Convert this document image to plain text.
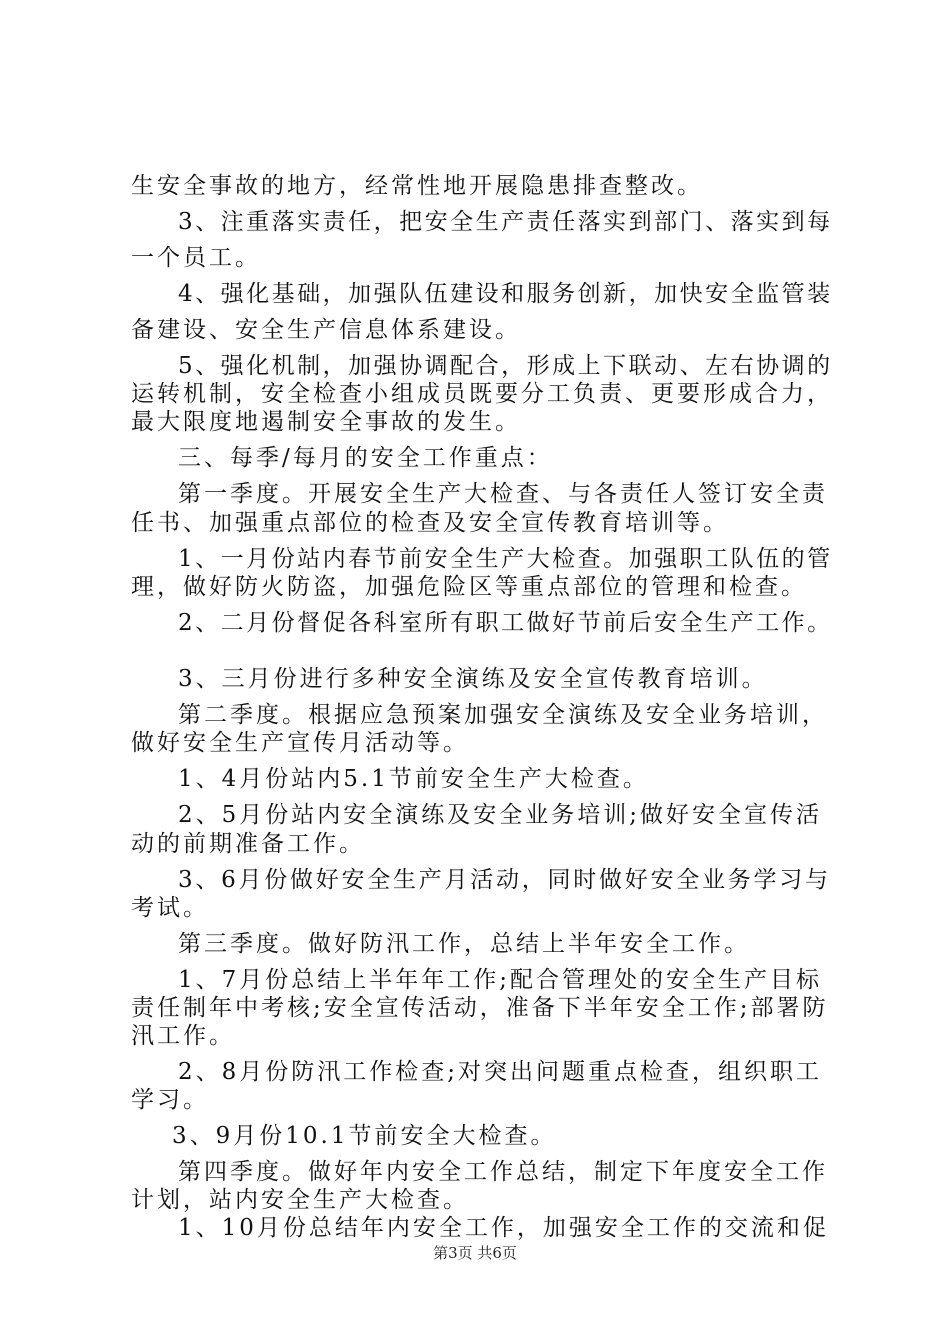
生安全事故的地方，经常性地开展隐患排查整改。

3、注重落实责任，把安全生产责任落实到部门、落实到每

一个员工。

4、强化基础，加强队伍建设和服务创新，加快安全监管装

备建设、安全生产信息体系建设。

5、强化机制，加强协调配合，形成上下联动、左右协调的

运转机制，安全检查小组成员既要分工负责、更要形成合力，

最大限度地遏制安全事故的发生。

三、每季/每月的安全工作重点：

第一季度。开展安全生产大检查、与各责任人签订安全责

任书、加强重点部位的检查及安全宣传教育培训等。

1、一月份站内春节前安全生产大检查。加强职工队伍的管

理，做好防火防盗，加强危险区等重点部位的管理和检查。

2、二月份督促各科室所有职工做好节前后安全生产工作。

3、三月份进行多种安全演练及安全宣传教育培训。

第二季度。根据应急预案加强安全演练及安全业务培训，

做好安全生产宣传月活动等。

1、4月份站内5.1节前安全生产大检查。

2、5月份站内安全演练及安全业务培训;做好安全宣传活

动的前期准备工作。

3、6月份做好安全生产月活动，同时做好安全业务学习与

考试。

第三季度。做好防汛工作，总结上半年安全工作。

1、7月份总结上半年年工作;配合管理处的安全生产目标

责任制年中考核;安全宣传活动，准备下半年安全工作;部署防

汛工作。

2、8月份防汛工作检查;对突出问题重点检查，组织职工

学习。

3、9月份10.1节前安全大检查。

第四季度。做好年内安全工作总结，制定下年度安全工作

计划，站内安全生产大检查。

1、10月份总结年内安全工作，加强安全工作的交流和促

第3页 共6页
